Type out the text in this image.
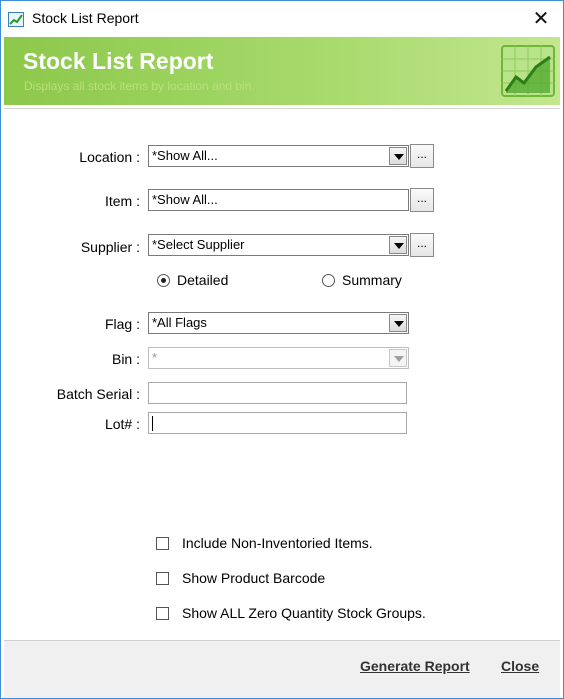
Stock List Report	✕
Stock List Report
Displays all stock items by location and bin.
Location : *Show All...	...
Item : *Show All...	...
Supplier : *Select Supplier	...
Detailed	Summary
Flag : *All Flags
Bin : *
Batch Serial :
Lot# :
Include Non-Inventoried Items.
Show Product Barcode
Show ALL Zero Quantity Stock Groups.
Generate Report Close
